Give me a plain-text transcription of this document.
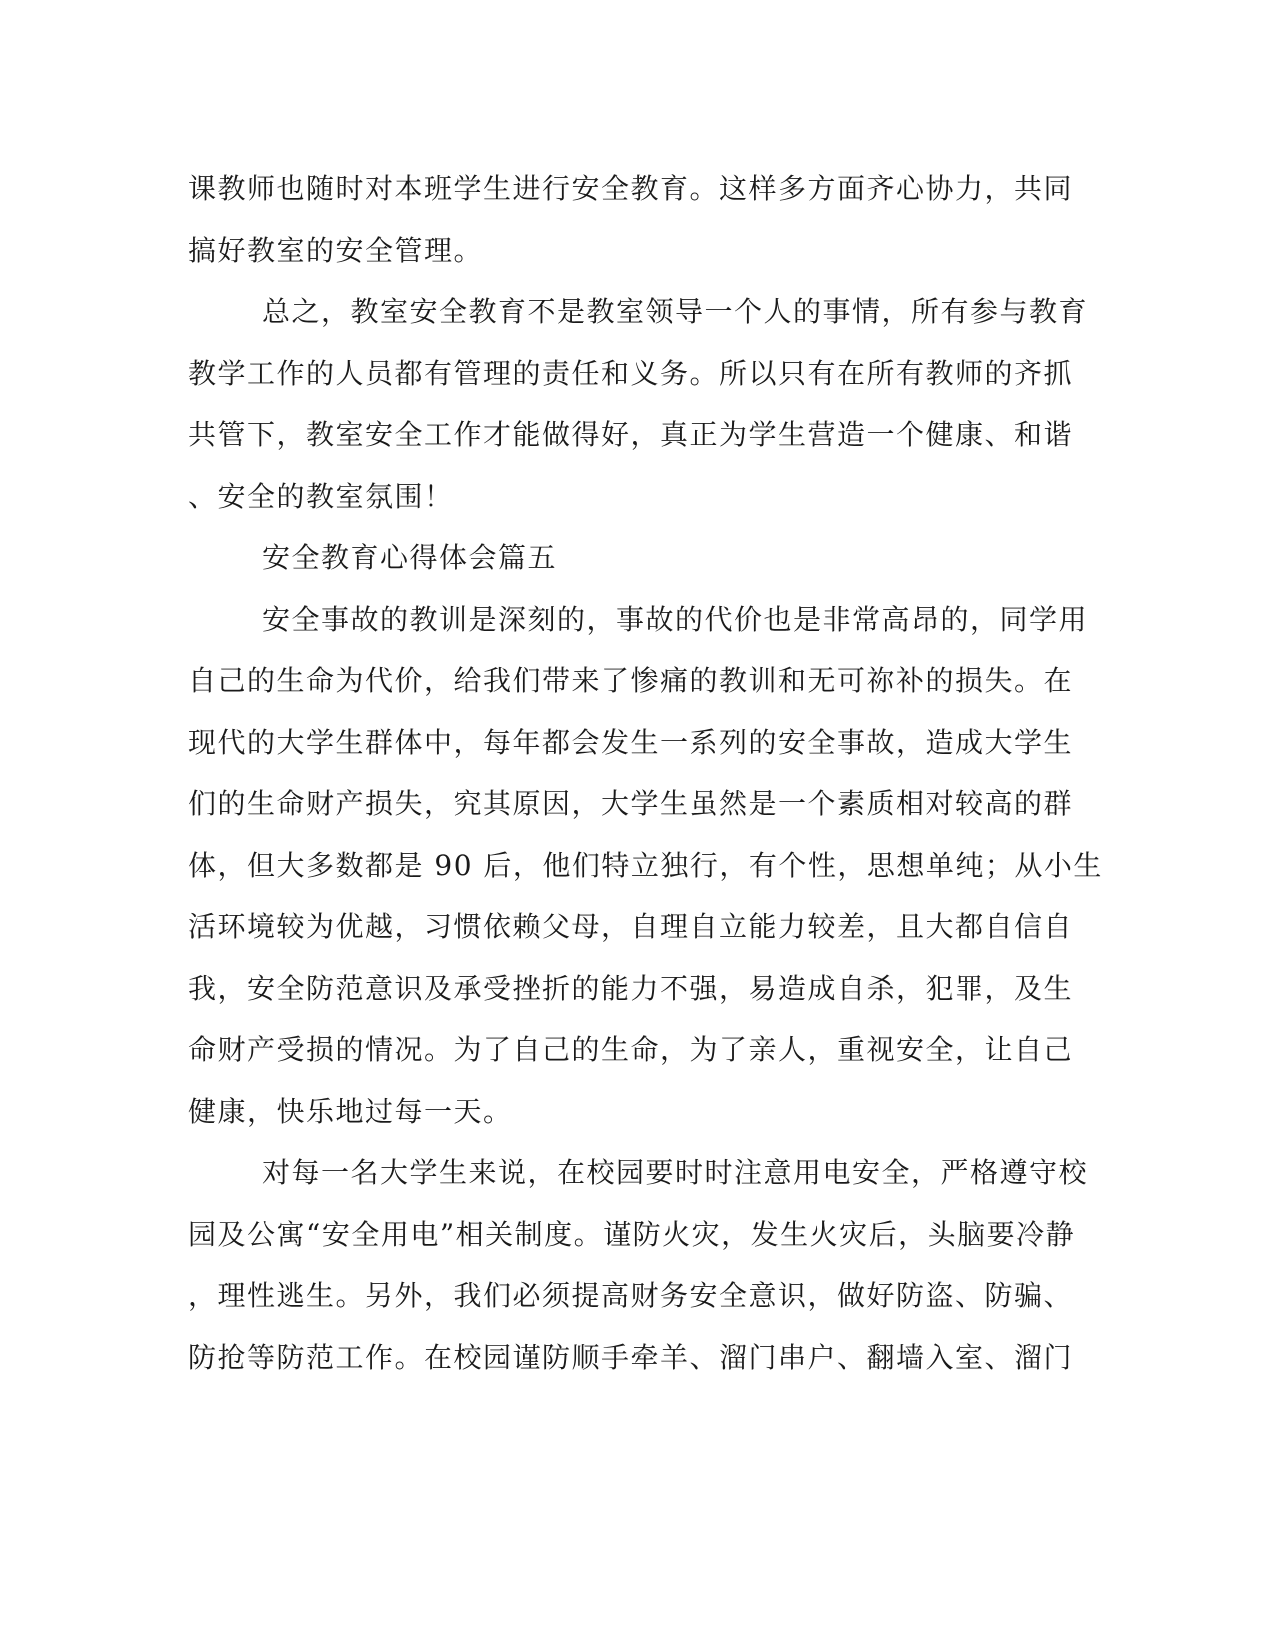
课教师也随时对本班学生进行安全教育。这样多方面齐心协力，共同
搞好教室的安全管理。
总之，教室安全教育不是教室领导一个人的事情，所有参与教育
教学工作的人员都有管理的责任和义务。所以只有在所有教师的齐抓
共管下，教室安全工作才能做得好，真正为学生营造一个健康、和谐
、安全的教室氛围！
安全教育心得体会篇五
安全事故的教训是深刻的，事故的代价也是非常高昂的，同学用
自己的生命为代价，给我们带来了惨痛的教训和无可祢补的损失。在
现代的大学生群体中，每年都会发生一系列的安全事故，造成大学生
们的生命财产损失，究其原因，大学生虽然是一个素质相对较高的群
体，但大多数都是 90 后，他们特立独行，有个性，思想单纯；从小生
活环境较为优越，习惯依赖父母，自理自立能力较差，且大都自信自
我，安全防范意识及承受挫折的能力不强，易造成自杀，犯罪，及生
命财产受损的情况。为了自己的生命，为了亲人，重视安全，让自己
健康，快乐地过每一天。
对每一名大学生来说，在校园要时时注意用电安全，严格遵守校
园及公寓“安全用电”相关制度。谨防火灾，发生火灾后，头脑要冷静
，理性逃生。另外，我们必须提高财务安全意识，做好防盗、防骗、
防抢等防范工作。在校园谨防顺手牵羊、溜门串户、翻墙入室、溜门
